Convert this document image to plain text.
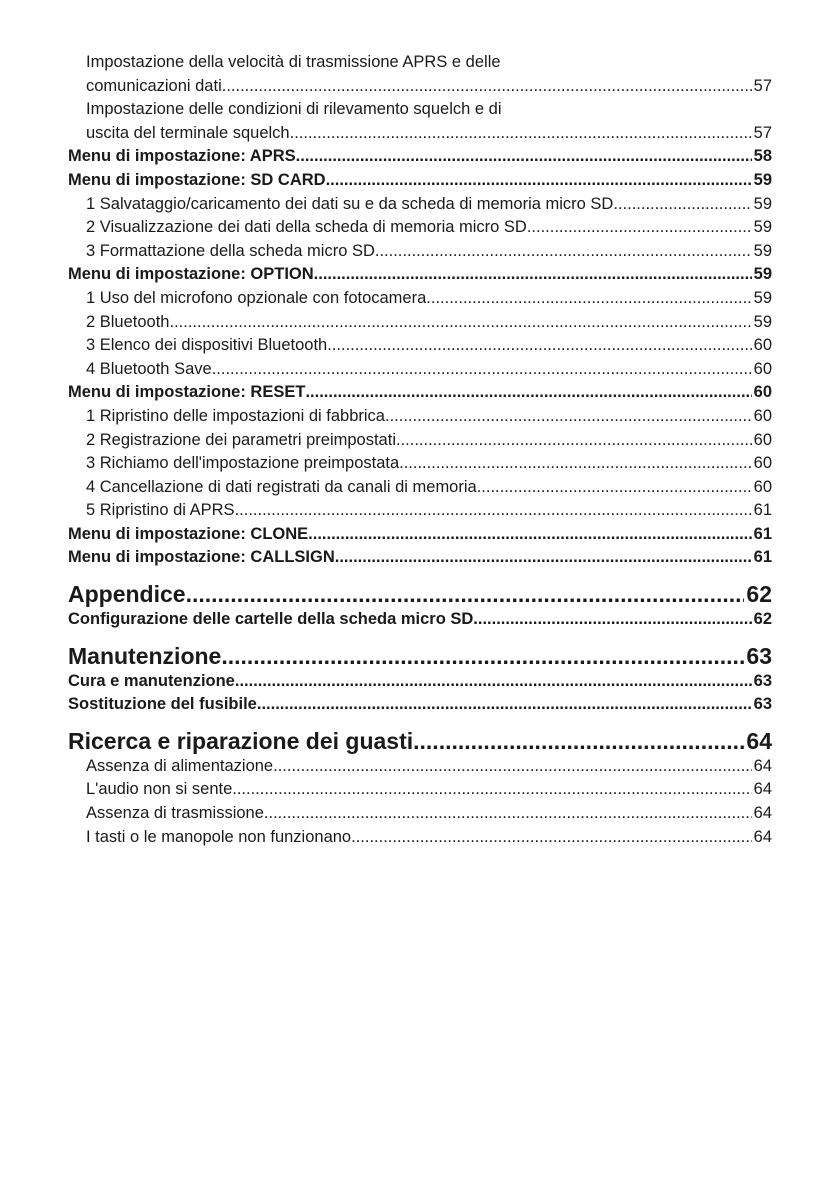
Impostazione della velocità di trasmissione APRS e delle
comunicazioni dati .....	57
Impostazione delle condizioni di rilevamento squelch e di
uscita del terminale squelch .....	57
Menu di impostazione: APRS .....	58
Menu di impostazione: SD CARD .....	59
1 Salvataggio/caricamento dei dati su e da scheda di memoria micro SD .....	59
2 Visualizzazione dei dati della scheda di memoria micro SD .....	59
3 Formattazione della scheda micro SD .....	59
Menu di impostazione: OPTION .....	59
1 Uso del microfono opzionale con fotocamera .....	59
2 Bluetooth .....	59
3 Elenco dei dispositivi Bluetooth .....	60
4 Bluetooth Save .....	60
Menu di impostazione: RESET .....	60
1 Ripristino delle impostazioni di fabbrica .....	60
2 Registrazione dei parametri preimpostati .....	60
3 Richiamo dell'impostazione preimpostata .....	60
4 Cancellazione di dati registrati da canali di memoria .....	60
5 Ripristino di APRS .....	61
Menu di impostazione: CLONE .....	61
Menu di impostazione: CALLSIGN .....	61
Appendice .....	62
Configurazione delle cartelle della scheda micro SD .....	62
Manutenzione .....	63
Cura e manutenzione .....	63
Sostituzione del fusibile .....	63
Ricerca e riparazione dei guasti .....	64
Assenza di alimentazione .....	64
L'audio non si sente .....	64
Assenza di trasmissione .....	64
I tasti o le manopole non funzionano .....	64
